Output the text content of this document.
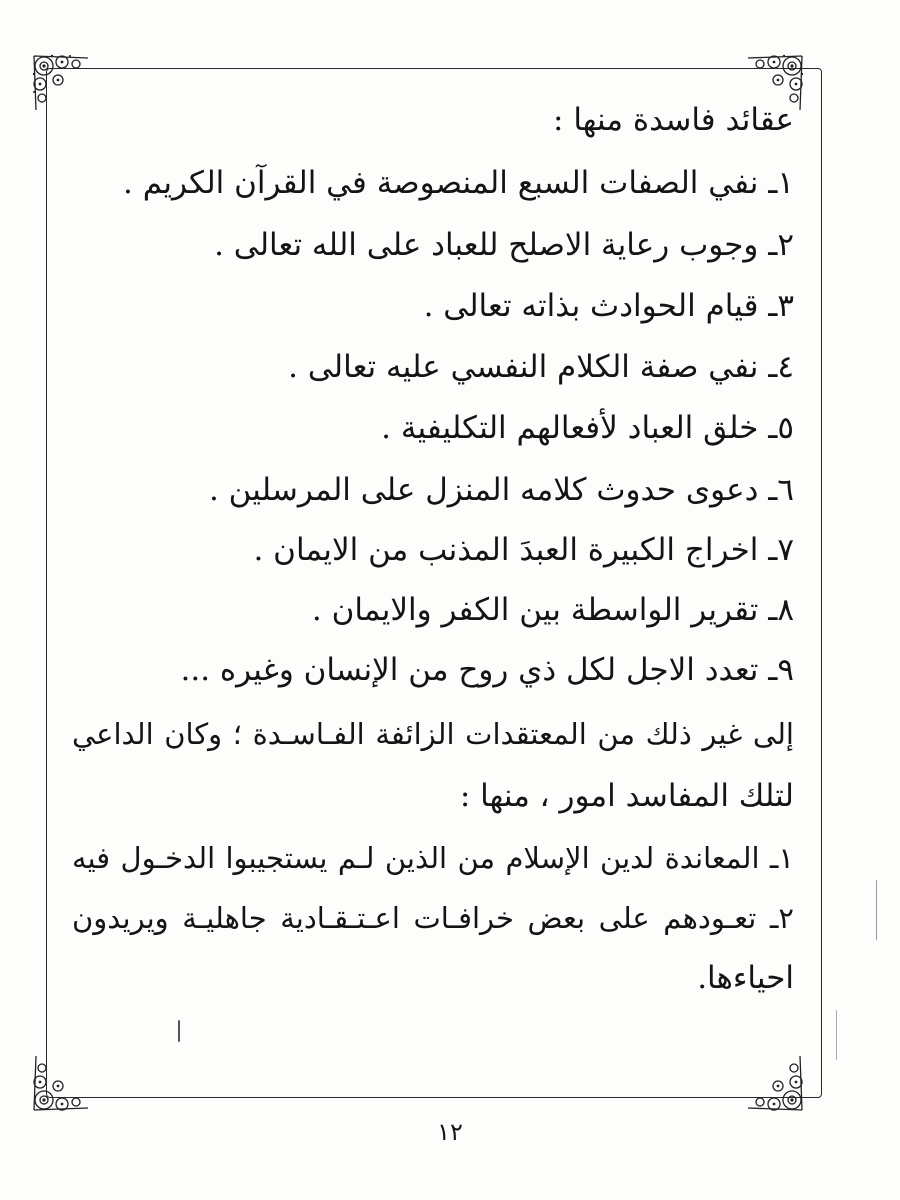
عقائد فاسدة منها :
١ـ نفي الصفات السبع المنصوصة في القرآن الكريم .
٢ـ وجوب رعاية الاصلح للعباد على الله تعالى .
٣ـ قيام الحوادث بذاته تعالى .
٤ـ نفي صفة الكلام النفسي عليه تعالى .
٥ـ خلق العباد لأفعالهم التكليفية .
٦ـ دعوى حدوث كلامه المنزل على المرسلين .
٧ـ اخراج الكبيرة العبدَ المذنب من الايمان .
٨ـ تقرير الواسطة بين الكفر والايمان .
٩ـ تعدد الاجل لكل ذي روح من الإنسان وغيره ...
إلى غير ذلك من المعتقدات الزائفة الفـاسـدة ؛ وكان الداعي
لتلك المفاسد امور ، منها :
١ـ المعاندة لدين الإسلام من الذين لـم يستجيبوا الدخـول فيه
٢ـ تعـودهم على بعض خرافـات اعـتـقـادية جاهليـة ويريدون
احياءها.
١٢
